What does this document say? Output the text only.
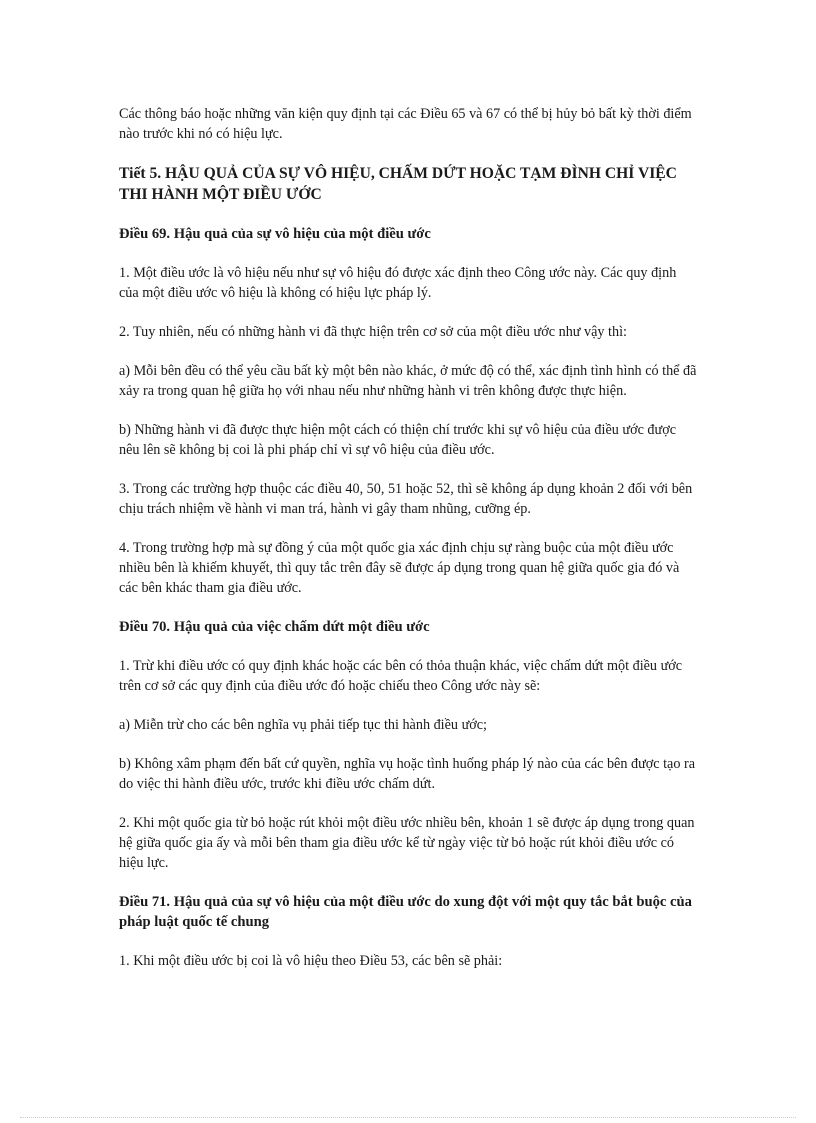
Các thông báo hoặc những văn kiện quy định tại các Điều 65 và 67 có thể bị hủy bỏ bất kỳ thời điểm nào trước khi nó có hiệu lực.

Tiết 5. HẬU QUẢ CỦA SỰ VÔ HIỆU, CHẤM DỨT HOẶC TẠM ĐÌNH CHỈ VIỆC THI HÀNH MỘT ĐIỀU ƯỚC

Điều 69. Hậu quả của sự vô hiệu của một điều ước

1. Một điều ước là vô hiệu nếu như sự vô hiệu đó được xác định theo Công ước này. Các quy định của một điều ước vô hiệu là không có hiệu lực pháp lý.

2. Tuy nhiên, nếu có những hành vi đã thực hiện trên cơ sở của một điều ước như vậy thì:

a) Mỗi bên đều có thể yêu cầu bất kỳ một bên nào khác, ở mức độ có thể, xác định tình hình có thể đã xảy ra trong quan hệ giữa họ với nhau nếu như những hành vi trên không được thực hiện.

b) Những hành vi đã được thực hiện một cách có thiện chí trước khi sự vô hiệu của điều ước được nêu lên sẽ không bị coi là phi pháp chỉ vì sự vô hiệu của điều ước.

3. Trong các trường hợp thuộc các điều 40, 50, 51 hoặc 52, thì sẽ không áp dụng khoản 2 đối với bên chịu trách nhiệm về hành vi man trá, hành vi gây tham nhũng, cưỡng ép.

4. Trong trường hợp mà sự đồng ý của một quốc gia xác định chịu sự ràng buộc của một điều ước nhiều bên là khiếm khuyết, thì quy tắc trên đây sẽ được áp dụng trong quan hệ giữa quốc gia đó và các bên khác tham gia điều ước.

Điều 70. Hậu quả của việc chấm dứt một điều ước

1. Trừ khi điều ước có quy định khác hoặc các bên có thỏa thuận khác, việc chấm dứt một điều ước trên cơ sở các quy định của điều ước đó hoặc chiếu theo Công ước này sẽ:

a) Miễn trừ cho các bên nghĩa vụ phải tiếp tục thi hành điều ước;

b) Không xâm phạm đến bất cứ quyền, nghĩa vụ hoặc tình huống pháp lý nào của các bên được tạo ra do việc thi hành điều ước, trước khi điều ước chấm dứt.

2. Khi một quốc gia từ bỏ hoặc rút khỏi một điều ước nhiều bên, khoản 1 sẽ được áp dụng trong quan hệ giữa quốc gia ấy và mỗi bên tham gia điều ước kể từ ngày việc từ bỏ hoặc rút khỏi điều ước có hiệu lực.

Điều 71. Hậu quả của sự vô hiệu của một điều ước do xung đột với một quy tắc bắt buộc của pháp luật quốc tế chung

1. Khi một điều ước bị coi là vô hiệu theo Điều 53, các bên sẽ phải:
